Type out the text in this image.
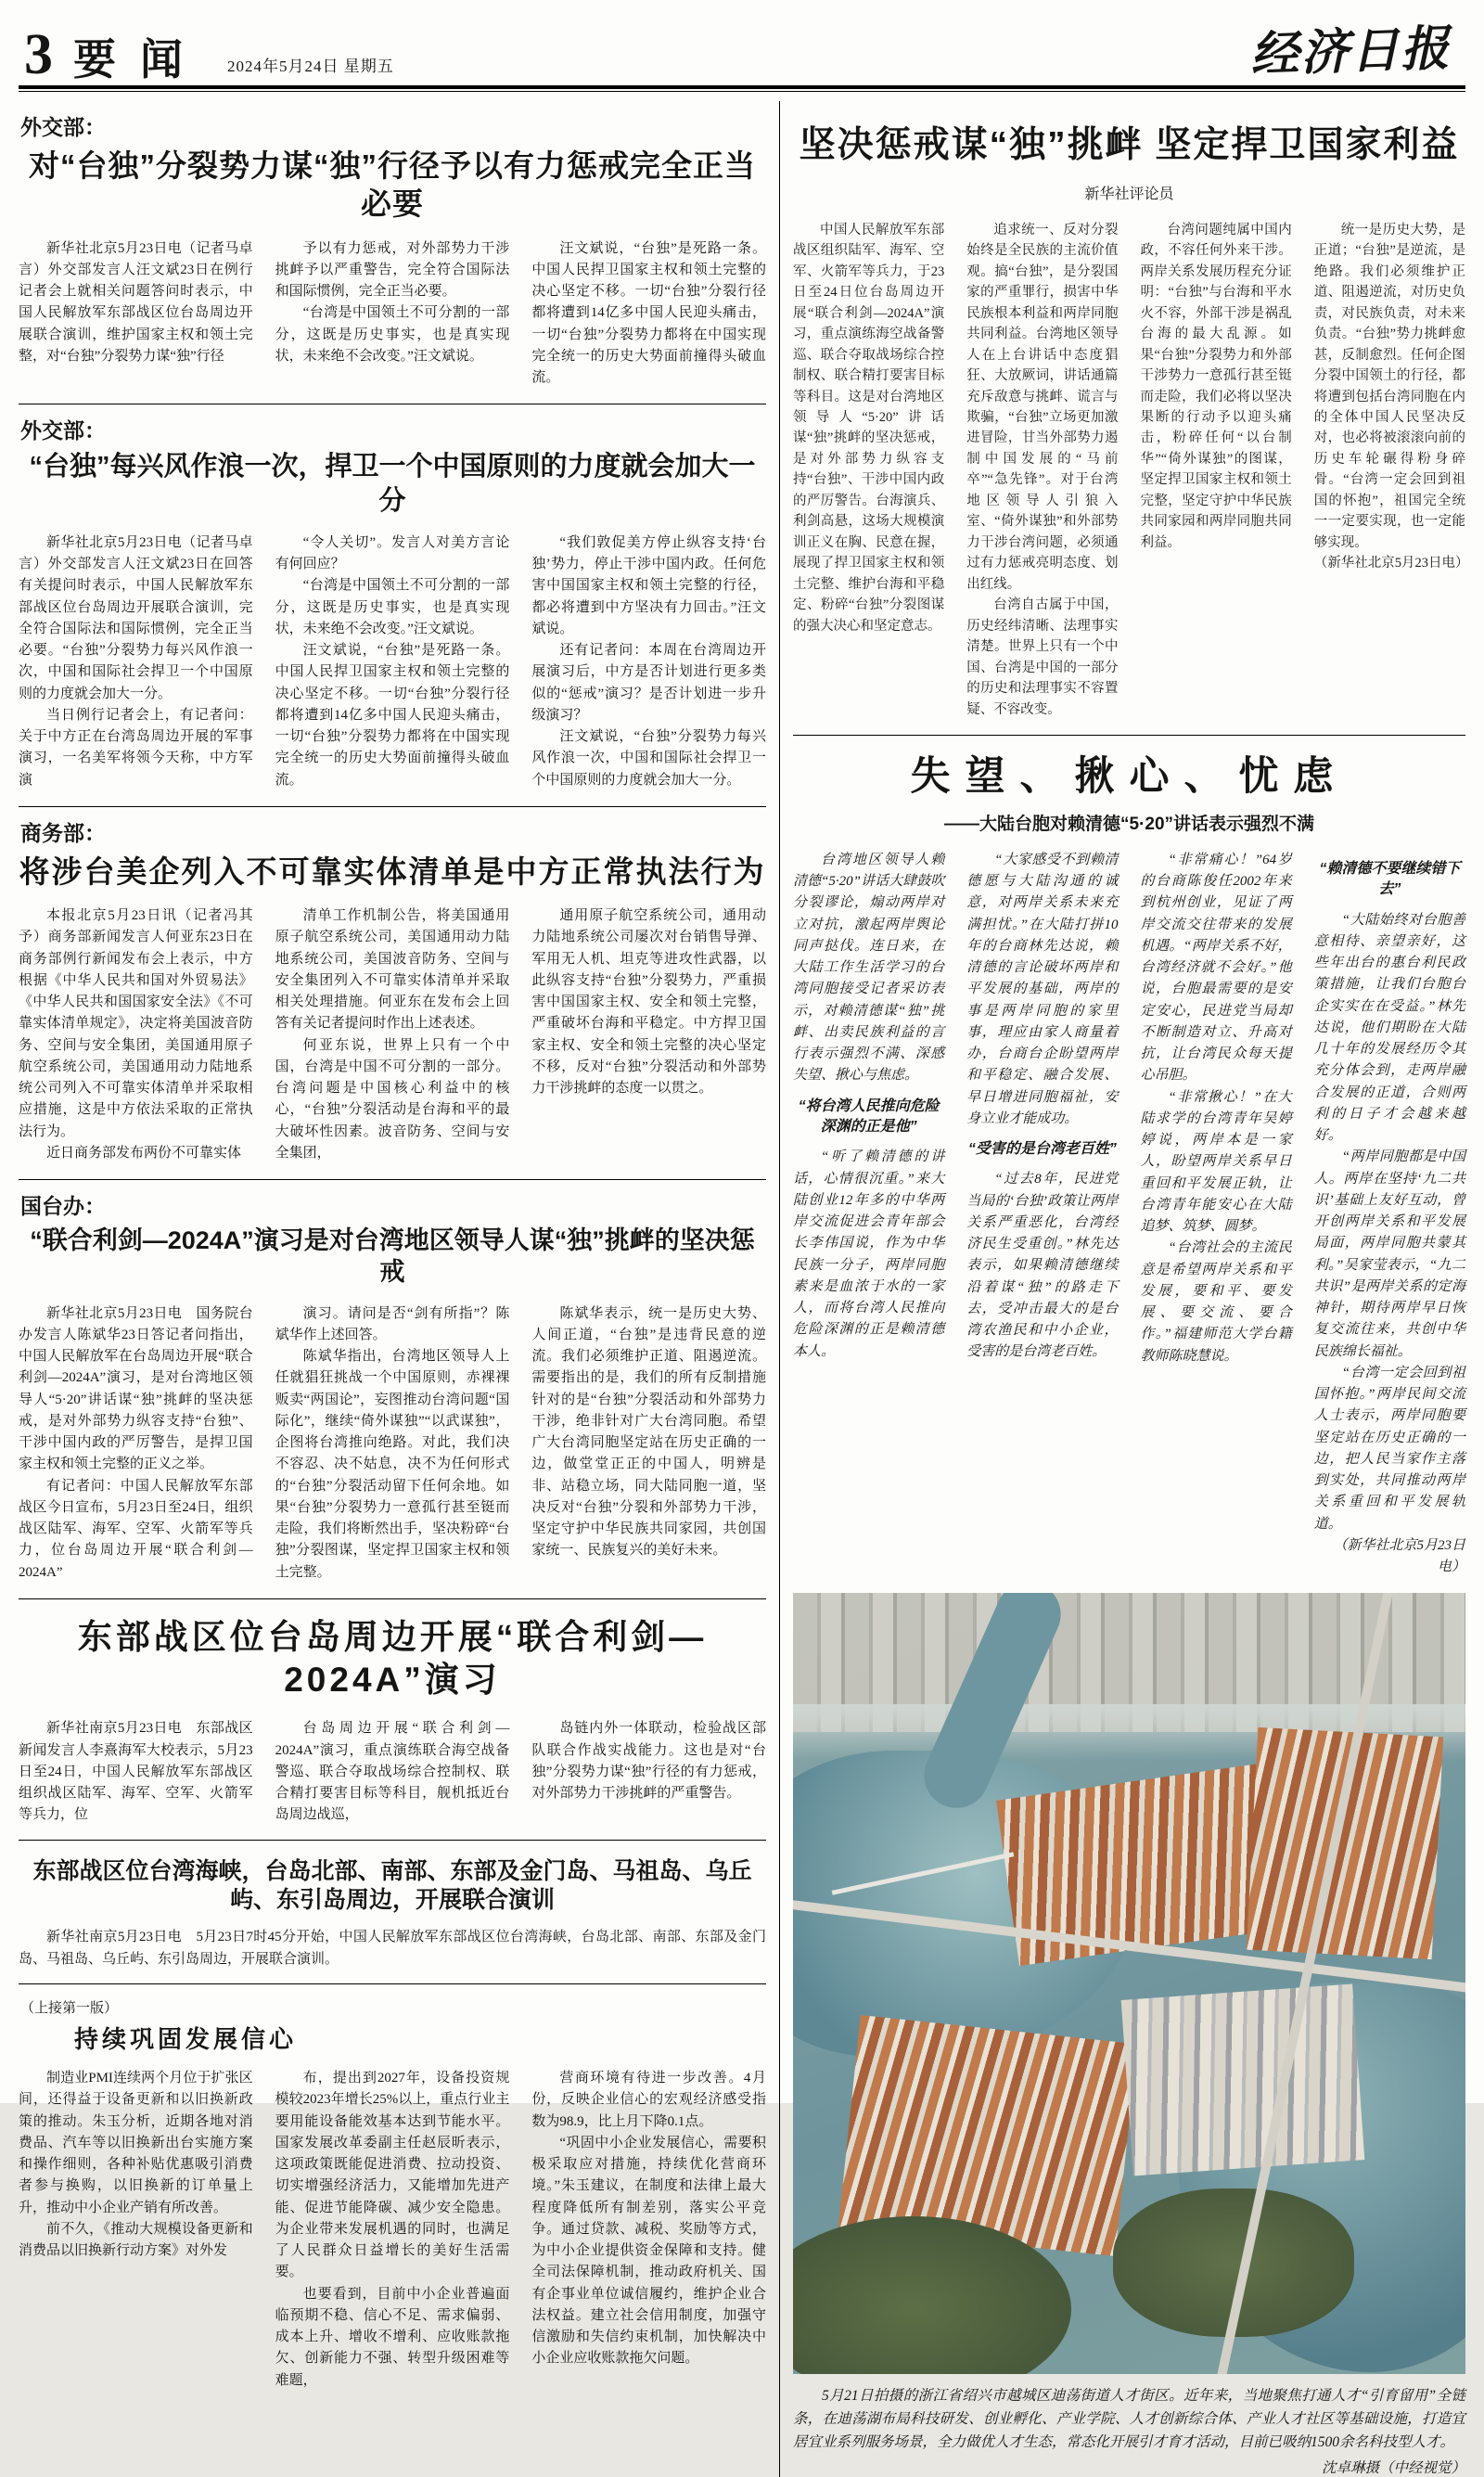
3 要闻 2024年5月24日 星期五	经济日报
外交部：
对“台独”分裂势力谋“独”行径予以有力惩戒完全正当必要

新华社北京5月23日电（记者马卓言）外交部发言人汪文斌23日在例行记者会上就相关问题答问时表示，中国人民解放军东部战区位台岛周边开展联合演训，维护国家主权和领土完整，对“台独”分裂势力谋“独”行径

予以有力惩戒，对外部势力干涉挑衅予以严重警告，完全符合国际法和国际惯例，完全正当必要。

“台湾是中国领土不可分割的一部分，这既是历史事实，也是真实现状，未来绝不会改变。”汪文斌说。

汪文斌说，“台独”是死路一条。中国人民捍卫国家主权和领土完整的决心坚定不移。一切“台独”分裂行径都将遭到14亿多中国人民迎头痛击，一切“台独”分裂势力都将在中国实现完全统一的历史大势面前撞得头破血流。

外交部：
“台独”每兴风作浪一次，捍卫一个中国原则的力度就会加大一分

新华社北京5月23日电（记者马卓言）外交部发言人汪文斌23日在回答有关提问时表示，中国人民解放军东部战区位台岛周边开展联合演训，完全符合国际法和国际惯例，完全正当必要。“台独”分裂势力每兴风作浪一次，中国和国际社会捍卫一个中国原则的力度就会加大一分。

当日例行记者会上，有记者问：关于中方正在台湾岛周边开展的军事演习，一名美军将领今天称，中方军演

“令人关切”。发言人对美方言论有何回应？

“台湾是中国领土不可分割的一部分，这既是历史事实，也是真实现状，未来绝不会改变。”汪文斌说。

汪文斌说，“台独”是死路一条。中国人民捍卫国家主权和领土完整的决心坚定不移。一切“台独”分裂行径都将遭到14亿多中国人民迎头痛击，一切“台独”分裂势力都将在中国实现完全统一的历史大势面前撞得头破血流。

“我们敦促美方停止纵容支持‘台独’势力，停止干涉中国内政。任何危害中国国家主权和领土完整的行径，都必将遭到中方坚决有力回击。”汪文斌说。

还有记者问：本周在台湾周边开展演习后，中方是否计划进行更多类似的“惩戒”演习？是否计划进一步升级演习？

汪文斌说，“台独”分裂势力每兴风作浪一次，中国和国际社会捍卫一个中国原则的力度就会加大一分。

商务部：
将涉台美企列入不可靠实体清单是中方正常执法行为

本报北京5月23日讯（记者冯其予）商务部新闻发言人何亚东23日在商务部例行新闻发布会上表示，中方根据《中华人民共和国对外贸易法》《中华人民共和国国家安全法》《不可靠实体清单规定》，决定将美国波音防务、空间与安全集团，美国通用原子航空系统公司，美国通用动力陆地系统公司列入不可靠实体清单并采取相应措施，这是中方依法采取的正常执法行为。

近日商务部发布两份不可靠实体

清单工作机制公告，将美国通用原子航空系统公司，美国通用动力陆地系统公司，美国波音防务、空间与安全集团列入不可靠实体清单并采取相关处理措施。何亚东在发布会上回答有关记者提问时作出上述表述。

何亚东说，世界上只有一个中国，台湾是中国不可分割的一部分。台湾问题是中国核心利益中的核心，“台独”分裂活动是台海和平的最大破坏性因素。波音防务、空间与安全集团，

通用原子航空系统公司，通用动力陆地系统公司屡次对台销售导弹、军用无人机、坦克等进攻性武器，以此纵容支持“台独”分裂势力，严重损害中国国家主权、安全和领土完整，严重破坏台海和平稳定。中方捍卫国家主权、安全和领土完整的决心坚定不移，反对“台独”分裂活动和外部势力干涉挑衅的态度一以贯之。

国台办：
“联合利剑—2024A”演习是对台湾地区领导人谋“独”挑衅的坚决惩戒

新华社北京5月23日电　国务院台办发言人陈斌华23日答记者问指出，中国人民解放军在台岛周边开展“联合利剑—2024A”演习，是对台湾地区领导人“5·20”讲话谋“独”挑衅的坚决惩戒，是对外部势力纵容支持“台独”、干涉中国内政的严厉警告，是捍卫国家主权和领土完整的正义之举。

有记者问：中国人民解放军东部战区今日宣布，5月23日至24日，组织战区陆军、海军、空军、火箭军等兵力，位台岛周边开展“联合利剑—2024A”

演习。请问是否“剑有所指”？陈斌华作上述回答。

陈斌华指出，台湾地区领导人上任就猖狂挑战一个中国原则，赤裸裸贩卖“两国论”，妄图推动台湾问题“国际化”，继续“倚外谋独”“以武谋独”，企图将台湾推向绝路。对此，我们决不容忍、决不姑息，决不为任何形式的“台独”分裂活动留下任何余地。如果“台独”分裂势力一意孤行甚至铤而走险，我们将断然出手，坚决粉碎“台独”分裂图谋，坚定捍卫国家主权和领土完整。

陈斌华表示，统一是历史大势、人间正道，“台独”是违背民意的逆流。我们必须维护正道、阻遏逆流。需要指出的是，我们的所有反制措施针对的是“台独”分裂活动和外部势力干涉，绝非针对广大台湾同胞。希望广大台湾同胞坚定站在历史正确的一边，做堂堂正正的中国人，明辨是非、站稳立场，同大陆同胞一道，坚决反对“台独”分裂和外部势力干涉，坚定守护中华民族共同家园，共创国家统一、民族复兴的美好未来。

东部战区位台岛周边开展“联合利剑—2024A”演习

新华社南京5月23日电　东部战区新闻发言人李熹海军大校表示，5月23日至24日，中国人民解放军东部战区组织战区陆军、海军、空军、火箭军等兵力，位

台岛周边开展“联合利剑—2024A”演习，重点演练联合海空战备警巡、联合夺取战场综合控制权、联合精打要害目标等科目，舰机抵近台岛周边战巡，

岛链内外一体联动，检验战区部队联合作战实战能力。这也是对“台独”分裂势力谋“独”行径的有力惩戒，对外部势力干涉挑衅的严重警告。

东部战区位台湾海峡，台岛北部、南部、东部及金门岛、马祖岛、乌丘屿、东引岛周边，开展联合演训

新华社南京5月23日电　5月23日7时45分开始，中国人民解放军东部战区位台湾海峡，台岛北部、南部、东部及金门岛、马祖岛、乌丘屿、东引岛周边，开展联合演训。

（上接第一版）
持续巩固发展信心

制造业PMI连续两个月位于扩张区间，还得益于设备更新和以旧换新政策的推动。朱玉分析，近期各地对消费品、汽车等以旧换新出台实施方案和操作细则，各种补贴优惠吸引消费者参与换购，以旧换新的订单量上升，推动中小企业产销有所改善。

前不久，《推动大规模设备更新和消费品以旧换新行动方案》对外发

布，提出到2027年，设备投资规模较2023年增长25%以上，重点行业主要用能设备能效基本达到节能水平。国家发展改革委副主任赵辰昕表示，这项政策既能促进消费、拉动投资、切实增强经济活力，又能增加先进产能、促进节能降碳、减少安全隐患。为企业带来发展机遇的同时，也满足了人民群众日益增长的美好生活需要。

也要看到，目前中小企业普遍面临预期不稳、信心不足、需求偏弱、成本上升、增收不增利、应收账款拖欠、创新能力不强、转型升级困难等难题，

营商环境有待进一步改善。4月份，反映企业信心的宏观经济感受指数为98.9，比上月下降0.1点。

“巩固中小企业发展信心，需要积极采取应对措施，持续优化营商环境。”朱玉建议，在制度和法律上最大程度降低所有制差别，落实公平竞争。通过贷款、减税、奖励等方式，为中小企业提供资金保障和支持。健全司法保障机制，推动政府机关、国有企事业单位诚信履约，维护企业合法权益。建立社会信用制度，加强守信激励和失信约束机制，加快解决中小企业应收账款拖欠问题。

坚决惩戒谋“独”挑衅 坚定捍卫国家利益
新华社评论员

中国人民解放军东部战区组织陆军、海军、空军、火箭军等兵力，于23日至24日位台岛周边开展“联合利剑—2024A”演习，重点演练海空战备警巡、联合夺取战场综合控制权、联合精打要害目标等科目。这是对台湾地区领导人“5·20”讲话谋“独”挑衅的坚决惩戒，是对外部势力纵容支持“台独”、干涉中国内政的严厉警告。台海演兵、利剑高悬，这场大规模演训正义在胸、民意在握，展现了捍卫国家主权和领土完整、维护台海和平稳定、粉碎“台独”分裂图谋的强大决心和坚定意志。

追求统一、反对分裂始终是全民族的主流价值观。搞“台独”，是分裂国家的严重罪行，损害中华民族根本利益和两岸同胞共同利益。台湾地区领导人在上台讲话中态度猖狂、大放厥词，讲话通篇充斥敌意与挑衅、谎言与欺骗，“台独”立场更加激进冒险，甘当外部势力遏制中国发展的“马前卒”“急先锋”。对于台湾地区领导人引狼入室、“倚外谋独”和外部势力干涉台湾问题，必须通过有力惩戒亮明态度、划出红线。

台湾自古属于中国，历史经纬清晰、法理事实清楚。世界上只有一个中国、台湾是中国的一部分的历史和法理事实不容置疑、不容改变。

台湾问题纯属中国内政，不容任何外来干涉。两岸关系发展历程充分证明：“台独”与台海和平水火不容，外部干涉是祸乱台海的最大乱源。如果“台独”分裂势力和外部干涉势力一意孤行甚至铤而走险，我们必将以坚决果断的行动予以迎头痛击，粉碎任何“以台制华”“倚外谋独”的图谋，坚定捍卫国家主权和领土完整，坚定守护中华民族共同家园和两岸同胞共同利益。

统一是历史大势，是正道；“台独”是逆流，是绝路。我们必须维护正道、阻遏逆流，对历史负责，对民族负责，对未来负责。“台独”势力挑衅愈甚，反制愈烈。任何企图分裂中国领土的行径，都将遭到包括台湾同胞在内的全体中国人民坚决反对，也必将被滚滚向前的历史车轮碾得粉身碎骨。“台湾一定会回到祖国的怀抱”，祖国完全统一一定要实现，也一定能够实现。

（新华社北京5月23日电）

失望、揪心、忧虑
——大陆台胞对赖清德“5·20”讲话表示强烈不满

台湾地区领导人赖清德“5·20”讲话大肆鼓吹分裂谬论，煽动两岸对立对抗，激起两岸舆论同声挞伐。连日来，在大陆工作生活学习的台湾同胞接受记者采访表示，对赖清德谋“独”挑衅、出卖民族利益的言行表示强烈不满、深感失望、揪心与焦虑。

“将台湾人民推向危险 深渊的正是他”

“听了赖清德的讲话，心情很沉重。”来大陆创业12年多的中华两岸交流促进会青年部会长李伟国说，作为中华民族一分子，两岸同胞素来是血浓于水的一家人，而将台湾人民推向危险深渊的正是赖清德本人。

“大家感受不到赖清德愿与大陆沟通的诚意，对两岸关系未来充满担忧。”在大陆打拼10年的台商林先达说，赖清德的言论破坏两岸和平发展的基础，两岸的事是两岸同胞的家里事，理应由家人商量着办，台商台企盼望两岸和平稳定、融合发展、早日增进同胞福祉，安身立业才能成功。

“受害的是台湾老百姓”

“过去8年，民进党当局的‘台独’政策让两岸关系严重恶化，台湾经济民生受重创。”林先达表示，如果赖清德继续沿着谋“独”的路走下去，受冲击最大的是台湾农渔民和中小企业，受害的是台湾老百姓。

“非常痛心！”64岁的台商陈俊任2002年来到杭州创业，见证了两岸交流交往带来的发展机遇。“两岸关系不好，台湾经济就不会好。”他说，台胞最需要的是安定安心，民进党当局却不断制造对立、升高对抗，让台湾民众每天提心吊胆。

“非常揪心！”在大陆求学的台湾青年吴婷婷说，两岸本是一家人，盼望两岸关系早日重回和平发展正轨，让台湾青年能安心在大陆追梦、筑梦、圆梦。

“台湾社会的主流民意是希望两岸关系和平发展，要和平、要发展、要交流、要合作。”福建师范大学台籍教师陈晓慧说。

“赖清德不要继续错下去”

“大陆始终对台胞善意相待、亲望亲好，这些年出台的惠台利民政策措施，让我们台胞台企实实在在受益。”林先达说，他们期盼在大陆几十年的发展经历令其充分体会到，走两岸融合发展的正道，合则两利的日子才会越来越好。

“两岸同胞都是中国人。两岸在坚持‘九二共识’基础上友好互动，曾开创两岸关系和平发展局面，两岸同胞共蒙其利。”吴家莹表示，“九二共识”是两岸关系的定海神针，期待两岸早日恢复交流往来，共创中华民族绵长福祉。

“台湾一定会回到祖国怀抱。”两岸民间交流人士表示，两岸同胞要坚定站在历史正确的一边，把人民当家作主落到实处，共同推动两岸关系重回和平发展轨道。

（新华社北京5月23日电）

5月21日拍摄的浙江省绍兴市越城区迪荡街道人才街区。近年来，当地聚焦打通人才“引育留用”全链条，在迪荡湖布局科技研发、创业孵化、产业学院、人才创新综合体、产业人才社区等基础设施，打造宜居宜业系列服务场景，全力做优人才生态，常态化开展引才育才活动，目前已吸纳1500余名科技型人才。

沈卓琳摄（中经视觉）
